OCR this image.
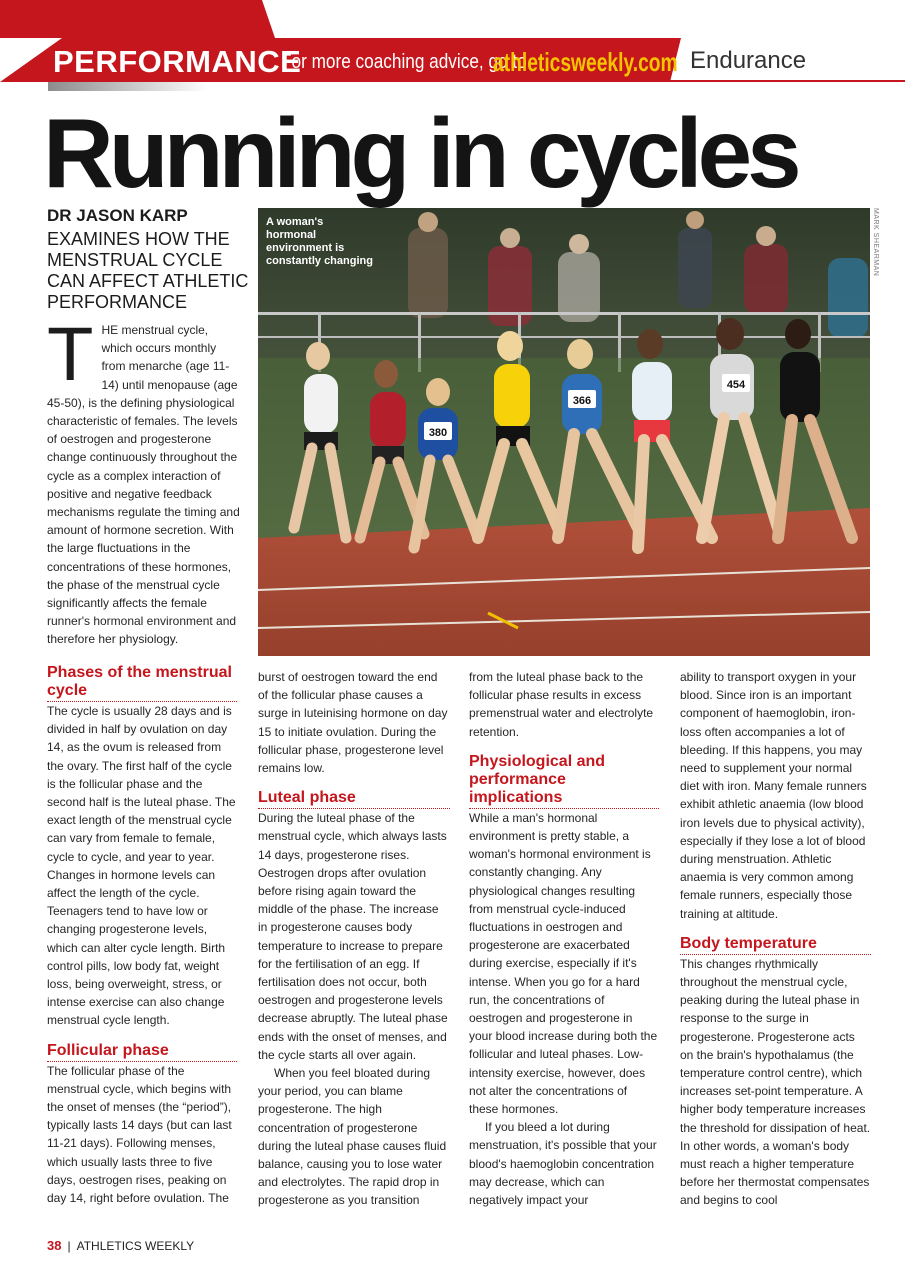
PERFORMANCE
For more coaching advice, go to
athleticsweekly.com Endurance
Running in cycles
DR JASON KARP
EXAMINES HOW THE MENSTRUAL CYCLE CAN AFFECT ATHLETIC PERFORMANCE
T HE menstrual cycle, which occurs monthly from menarche (age 11-14) until menopause (age 45-50), is the defining physiological characteristic of females. The levels of oestrogen and progesterone change continuously throughout the cycle as a complex interaction of positive and negative feedback mechanisms regulate the timing and amount of hormone secretion. With the large fluctuations in the concentrations of these hormones, the phase of the menstrual cycle significantly affects the female runner's hormonal environment and therefore her physiology.
380
366
454
A woman's hormonal environment is constantly changing	MARK SHEARMAN
Phases of the menstrual cycle

The cycle is usually 28 days and is divided in half by ovulation on day 14, as the ovum is released from the ovary. The first half of the cycle is the follicular phase and the second half is the luteal phase. The exact length of the menstrual cycle can vary from female to female, cycle to cycle, and year to year. Changes in hormone levels can affect the length of the cycle. Teenagers tend to have low or changing progesterone levels, which can alter cycle length. Birth control pills, low body fat, weight loss, being overweight, stress, or intense exercise can also change menstrual cycle length.

Follicular phase

The follicular phase of the menstrual cycle, which begins with the onset of menses (the “period”), typically lasts 14 days (but can last 11-21 days). Following menses, which usually lasts three to five days, oestrogen rises, peaking on day 14, right before ovulation. The

burst of oestrogen toward the end of the follicular phase causes a surge in luteinising hormone on day 15 to initiate ovulation. During the follicular phase, progesterone level remains low.

Luteal phase

During the luteal phase of the menstrual cycle, which always lasts 14 days, progesterone rises. Oestrogen drops after ovulation before rising again toward the middle of the phase. The increase in progesterone causes body temperature to increase to prepare for the fertilisation of an egg. If fertilisation does not occur, both oestrogen and progesterone levels decrease abruptly. The luteal phase ends with the onset of menses, and the cycle starts all over again.

When you feel bloated during your period, you can blame progesterone. The high concentration of progesterone during the luteal phase causes fluid balance, causing you to lose water and electrolytes. The rapid drop in progesterone as you transition

from the luteal phase back to the follicular phase results in excess premenstrual water and electrolyte retention.

Physiological and performance implications

While a man's hormonal environment is pretty stable, a woman's hormonal environment is constantly changing. Any physiological changes resulting from menstrual cycle-induced fluctuations in oestrogen and progesterone are exacerbated during exercise, especially if it's intense. When you go for a hard run, the concentrations of oestrogen and progesterone in your blood increase during both the follicular and luteal phases. Low-intensity exercise, however, does not alter the concentrations of these hormones.

If you bleed a lot during menstruation, it's possible that your blood's haemoglobin concentration may decrease, which can negatively impact your

ability to transport oxygen in your blood. Since iron is an important component of haemoglobin, iron-loss often accompanies a lot of bleeding. If this happens, you may need to supplement your normal diet with iron. Many female runners exhibit athletic anaemia (low blood iron levels due to physical activity), especially if they lose a lot of blood during menstruation. Athletic anaemia is very common among female runners, especially those training at altitude.

Body temperature

This changes rhythmically throughout the menstrual cycle, peaking during the luteal phase in response to the surge in progesterone. Progesterone acts on the brain's hypothalamus (the temperature control centre), which increases set-point temperature. A higher body temperature increases the threshold for dissipation of heat. In other words, a woman's body must reach a higher temperature before her thermostat compensates and begins to cool

38 | ATHLETICS WEEKLY
